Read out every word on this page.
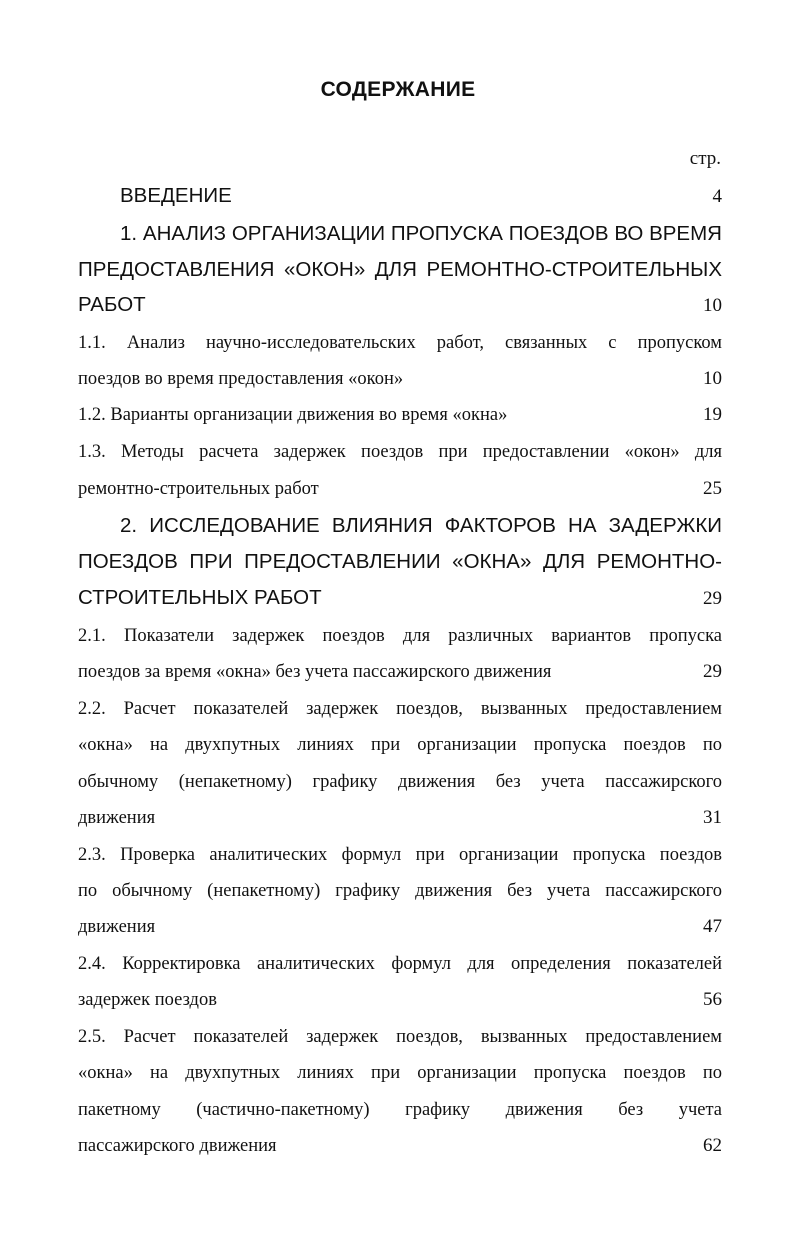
СОДЕРЖАНИЕ
стр.
ВВЕДЕНИЕ	4
1. АНАЛИЗ ОРГАНИЗАЦИИ ПРОПУСКА ПОЕЗДОВ ВО ВРЕМЯ
ПРЕДОСТАВЛЕНИЯ «ОКОН» ДЛЯ РЕМОНТНО-СТРОИТЕЛЬНЫХ
РАБОТ	10
1.1. Анализ научно-исследовательских работ, связанных с пропуском
поездов во время предоставления «окон»	10
1.2. Варианты организации движения во время «окна»	19
1.3. Методы расчета задержек поездов при предоставлении «окон» для
ремонтно-строительных работ	25
2. ИССЛЕДОВАНИЕ ВЛИЯНИЯ ФАКТОРОВ НА ЗАДЕРЖКИ
ПОЕЗДОВ ПРИ ПРЕДОСТАВЛЕНИИ «ОКНА» ДЛЯ РЕМОНТНО-
СТРОИТЕЛЬНЫХ РАБОТ	29
2.1. Показатели задержек поездов для различных вариантов пропуска
поездов за время «окна» без учета пассажирского движения	29
2.2. Расчет показателей задержек поездов, вызванных предоставлением
«окна» на двухпутных линиях при организации пропуска поездов по
обычному (непакетному) графику движения без учета пассажирского
движения	31
2.3. Проверка аналитических формул при организации пропуска поездов
по обычному (непакетному) графику движения без учета пассажирского
движения	47
2.4. Корректировка аналитических формул для определения показателей
задержек поездов	56
2.5. Расчет показателей задержек поездов, вызванных предоставлением
«окна» на двухпутных линиях при организации пропуска поездов по
пакетному (частично-пакетному) графику движения без учета
пассажирского движения	62
